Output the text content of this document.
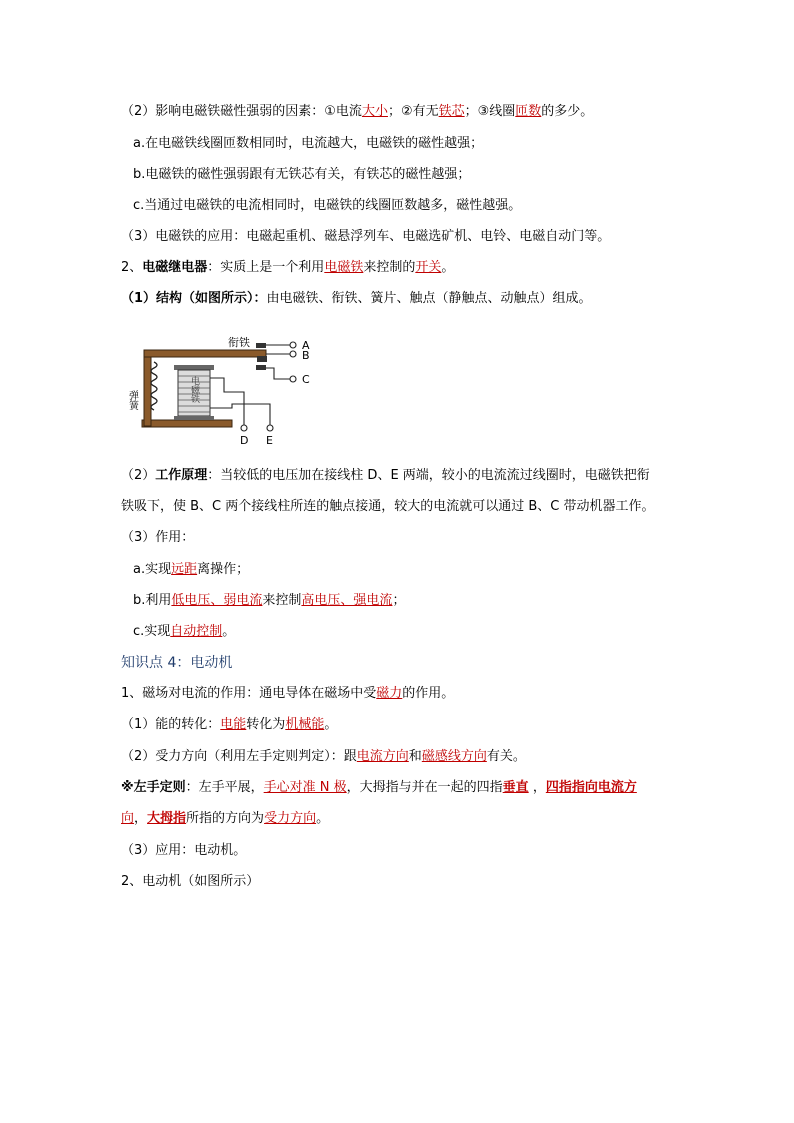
（2）影响电磁铁磁性强弱的因素：①电流大小；②有无铁芯；③线圈匝数的多少。
a.在电磁铁线圈匝数相同时，电流越大，电磁铁的磁性越强；
b.电磁铁的磁性强弱跟有无铁芯有关，有铁芯的磁性越强；
c.当通过电磁铁的电流相同时，电磁铁的线圈匝数越多，磁性越强。
（3）电磁铁的应用：电磁起重机、磁悬浮列车、电磁选矿机、电铃、电磁自动门等。
2、电磁继电器：实质上是一个利用电磁铁来控制的开关。
（1）结构（如图所示）：由电磁铁、衔铁、簧片、触点（静触点、动触点）组成。
衔铁	A
B
C
D E
弹簧	电磁铁
（2）工作原理：当较低的电压加在接线柱 D、E 两端，较小的电流流过线圈时，电磁铁把衔
铁吸下，使 B、C 两个接线柱所连的触点接通，较大的电流就可以通过 B、C 带动机器工作。
（3）作用：
a.实现远距离操作；
b.利用低电压、弱电流来控制高电压、强电流；
c.实现自动控制。
知识点 4：电动机
1、磁场对电流的作用：通电导体在磁场中受磁力的作用。
（1）能的转化：电能转化为机械能。
（2）受力方向（利用左手定则判定）：跟电流方向和磁感线方向有关。
※左手定则：左手平展，手心对准 N 极，大拇指与并在一起的四指垂直 ，四指指向电流方
向，大拇指所指的方向为受力方向。
（3）应用：电动机。
2、电动机（如图所示）
